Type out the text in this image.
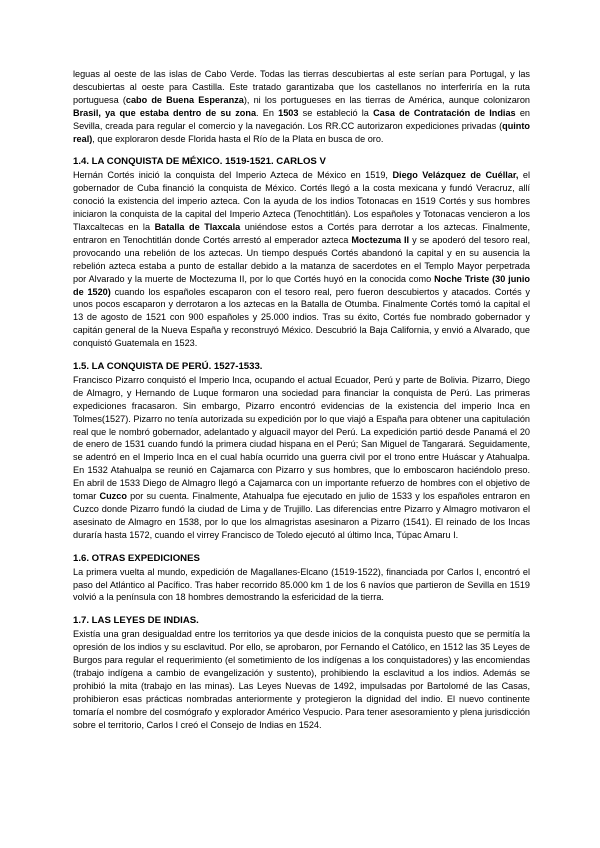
leguas al oeste de las islas de Cabo Verde. Todas las tierras descubiertas al este serían para Portugal, y las descubiertas al oeste para Castilla. Este tratado garantizaba que los castellanos no interferiría en la ruta portuguesa (cabo de Buena Esperanza), ni los portugueses en las tierras de América, aunque colonizaron Brasil, ya que estaba dentro de su zona. En 1503 se estableció la Casa de Contratación de Indias en Sevilla, creada para regular el comercio y la navegación. Los RR.CC autorizaron expediciones privadas (quinto real), que exploraron desde Florida hasta el Río de la Plata en busca de oro.

1.4. LA CONQUISTA DE MÉXICO. 1519-1521. CARLOS V

Hernán Cortés inició la conquista del Imperio Azteca de México en 1519, Diego Velázquez de Cuéllar, el gobernador de Cuba financió la conquista de México. Cortés llegó a la costa mexicana y fundó Veracruz, allí conoció la existencia del imperio azteca. Con la ayuda de los indios Totonacas en 1519 Cortés y sus hombres iniciaron la conquista de la capital del Imperio Azteca (Tenochtitlán). Los españoles y Totonacas vencieron a los Tlaxcaltecas en la Batalla de Tlaxcala uniéndose estos a Cortés para derrotar a los aztecas. Finalmente, entraron en Tenochtitlán donde Cortés arrestó al emperador azteca Moctezuma II y se apoderó del tesoro real, provocando una rebelión de los aztecas. Un tiempo después Cortés abandonó la capital y en su ausencia la rebelión azteca estaba a punto de estallar debido a la matanza de sacerdotes en el Templo Mayor perpetrada por Alvarado y la muerte de Moctezuma II, por lo que Cortés huyó en la conocida como Noche Triste (30 junio de 1520) cuando los españoles escaparon con el tesoro real, pero fueron descubiertos y atacados. Cortés y unos pocos escaparon y derrotaron a los aztecas en la Batalla de Otumba. Finalmente Cortés tomó la capital el 13 de agosto de 1521 con 900 españoles y 25.000 indios. Tras su éxito, Cortés fue nombrado gobernador y capitán general de la Nueva España y reconstruyó México. Descubrió la Baja California, y envió a Alvarado, que conquistó Guatemala en 1523.

1.5. LA CONQUISTA DE PERÚ. 1527-1533.

Francisco Pizarro conquistó el Imperio Inca, ocupando el actual Ecuador, Perú y parte de Bolivia. Pizarro, Diego de Almagro, y Hernando de Luque formaron una sociedad para financiar la conquista de Perú. Las primeras expediciones fracasaron. Sin embargo, Pizarro encontró evidencias de la existencia del imperio Inca en Tolmes(1527). Pizarro no tenía autorizada su expedición por lo que viajó a España para obtener una capitulación real que le nombró gobernador, adelantado y alguacil mayor del Perú. La expedición partió desde Panamá el 20 de enero de 1531 cuando fundó la primera ciudad hispana en el Perú; San Miguel de Tangarará. Seguidamente, se adentró en el Imperio Inca en el cual había ocurrido una guerra civil por el trono entre Huáscar y Atahualpa. En 1532 Atahualpa se reunió en Cajamarca con Pizarro y sus hombres, que lo emboscaron haciéndolo preso. En abril de 1533 Diego de Almagro llegó a Cajamarca con un importante refuerzo de hombres con el objetivo de tomar Cuzco por su cuenta. Finalmente, Atahualpa fue ejecutado en julio de 1533 y los españoles entraron en Cuzco donde Pizarro fundó la ciudad de Lima y de Trujillo. Las diferencias entre Pizarro y Almagro motivaron el asesinato de Almagro en 1538, por lo que los almagristas asesinaron a Pizarro (1541). El reinado de los Incas duraría hasta 1572, cuando el virrey Francisco de Toledo ejecutó al último Inca, Túpac Amaru I.

1.6. OTRAS EXPEDICIONES

La primera vuelta al mundo, expedición de Magallanes-Elcano (1519-1522), financiada por Carlos I, encontró el paso del Atlántico al Pacífico. Tras haber recorrido 85.000 km 1 de los 6 navíos que partieron de Sevilla en 1519 volvió a la península con 18 hombres demostrando la esfericidad de la tierra.

1.7. LAS LEYES DE INDIAS.

Existía una gran desigualdad entre los territorios ya que desde inicios de la conquista puesto que se permitía la opresión de los indios y su esclavitud. Por ello, se aprobaron, por Fernando el Católico, en 1512 las 35 Leyes de Burgos para regular el requerimiento (el sometimiento de los indígenas a los conquistadores) y las encomiendas (trabajo indígena a cambio de evangelización y sustento), prohibiendo la esclavitud a los indios. Además se prohibió la mita (trabajo en las minas). Las Leyes Nuevas de 1492, impulsadas por Bartolomé de las Casas, prohibieron esas prácticas nombradas anteriormente y protegieron la dignidad del indio. El nuevo continente tomaría el nombre del cosmógrafo y explorador Américo Vespucio. Para tener asesoramiento y plena jurisdicción sobre el territorio, Carlos I creó el Consejo de Indias en 1524.
